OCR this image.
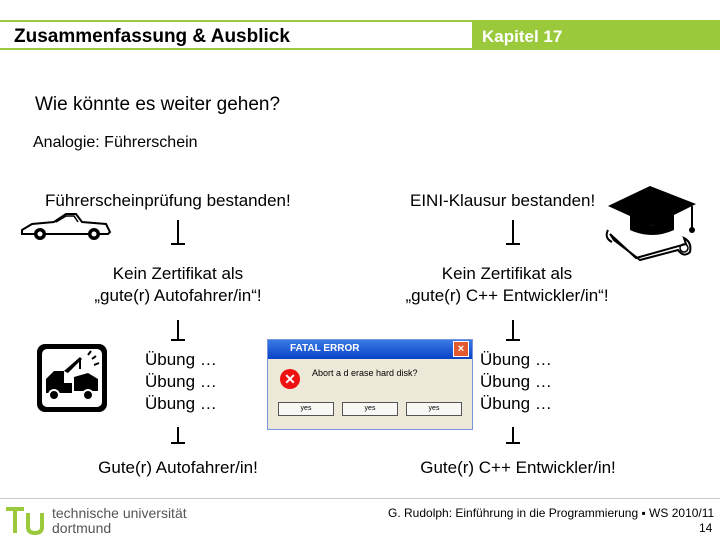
Zusammenfassung & Ausblick	Kapitel 17
Wie könnte es weiter gehen?
Analogie: Führerschein
Führerscheinprüfung bestanden!
Kein Zertifikat als
„gute(r) Autofahrer/in“!
Übung …
Übung …
Übung …
Gute(r) Autofahrer/in!
EINI-Klausur bestanden!
Kein Zertifikat als
„gute(r) C++ Entwickler/in“!
Übung …
Übung …
Übung …
Gute(r) C++ Entwickler/in!
FATAL ERROR	×
✕	Abort a d erase hard disk?
yes	yes	yes
technische universität
dortmund
G. Rudolph: Einführung in die Programmierung ▪ WS 2010/11
14
